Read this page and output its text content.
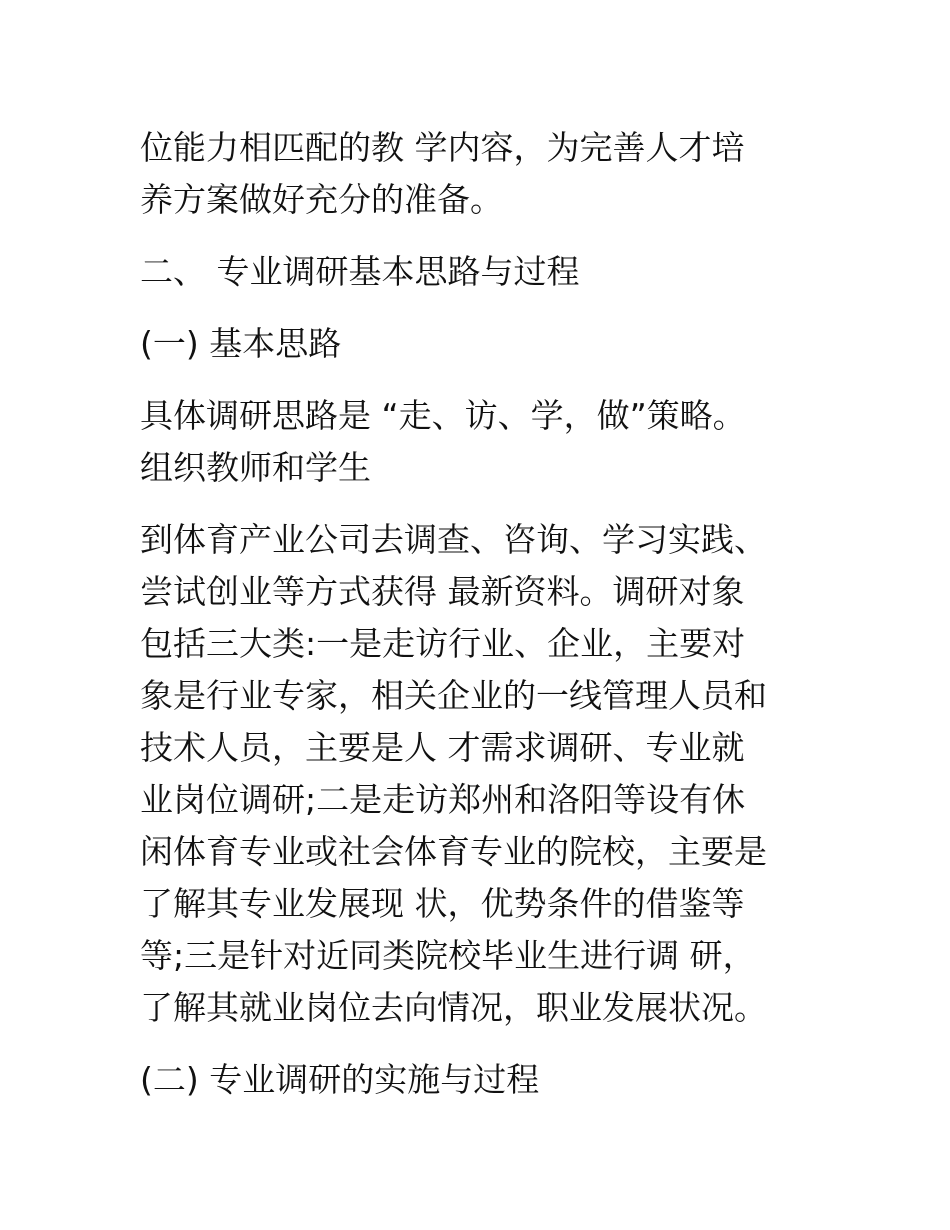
位能力相匹配的教 学内容，为完善人才培
养方案做好充分的准备。
二、 专业调研基本思路与过程
(一) 基本思路
具体调研思路是 “走、访、学，做”策略。
组织教师和学生
到体育产业公司去调查、咨询、学习实践、
尝试创业等方式获得 最新资料。调研对象
包括三大类:一是走访行业、企业，主要对
象是行业专家，相关企业的一线管理人员和
技术人员，主要是人 才需求调研、专业就
业岗位调研;二是走访郑州和洛阳等设有休
闲体育专业或社会体育专业的院校，主要是
了解其专业发展现 状，优势条件的借鉴等
等;三是针对近同类院校毕业生进行调 研，
了解其就业岗位去向情况，职业发展状况。
(二) 专业调研的实施与过程
